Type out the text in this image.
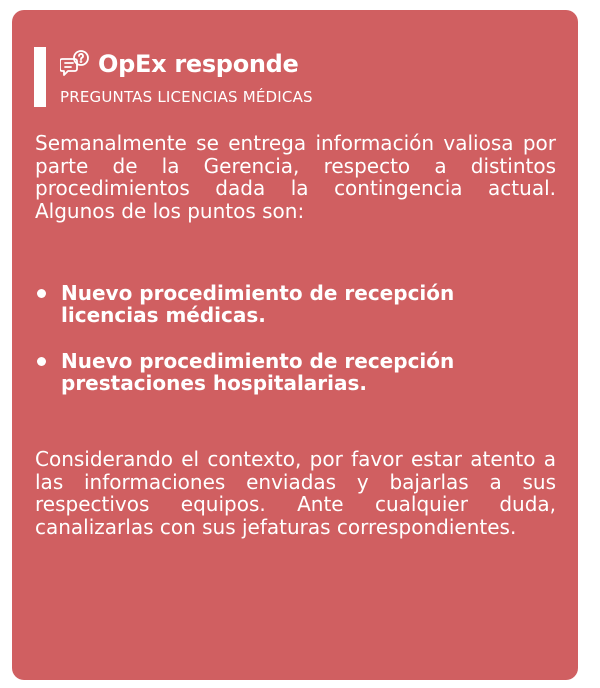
OpEx responde
PREGUNTAS LICENCIAS MÉDICAS

Semanalmente se entrega información valiosa por parte de la Gerencia, respecto a distintos procedimientos dada la contingencia actual. Algunos de los puntos son:

Nuevo procedimiento de recepción licencias médicas.
Nuevo procedimiento de recepción prestaciones hospitalarias.

Considerando el contexto, por favor estar atento a las informaciones enviadas y bajarlas a sus respectivos equipos. Ante cualquier duda, canalizarlas con sus jefaturas correspondientes.
